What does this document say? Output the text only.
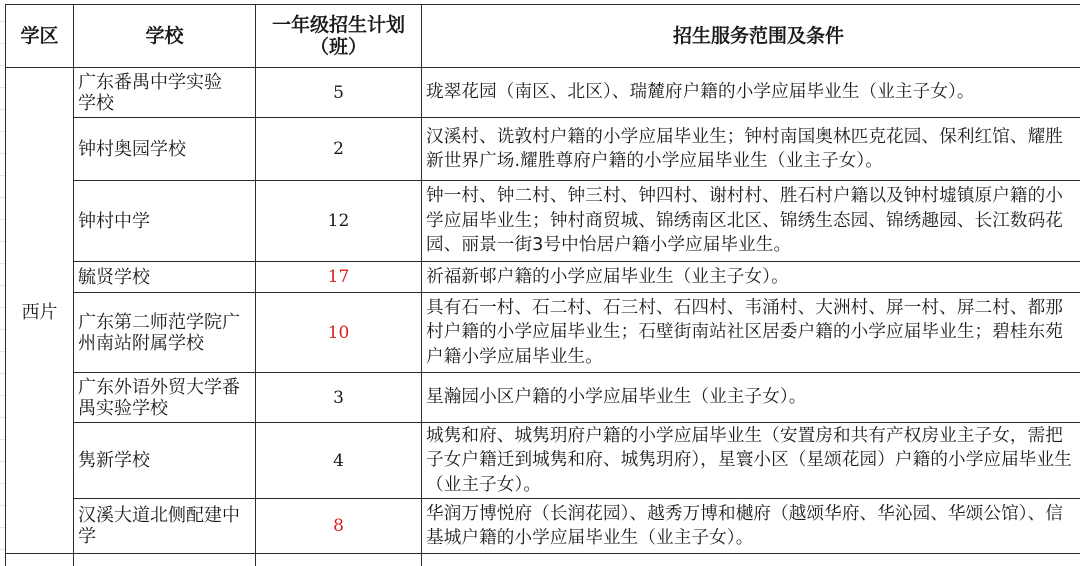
学区	学校	一年级招生计划（班）	招生服务范围及条件
西片	广东番禺中学实验学校	5	珑翠花园（南区、北区）、瑞麓府户籍的小学应届毕业生（业主子女）。
	钟村奥园学校	2	汉溪村、诜敦村户籍的小学应届毕业生；钟村南国奥林匹克花园、保利红馆、耀胜新世界广场.耀胜尊府户籍的小学应届毕业生（业主子女）。
	钟村中学	12	钟一村、钟二村、钟三村、钟四村、谢村村、胜石村户籍以及钟村墟镇原户籍的小学应届毕业生；钟村商贸城、锦绣南区北区、锦绣生态园、锦绣趣园、长江数码花园、丽景一街3号中怡居户籍小学应届毕业生。
	毓贤学校	17	祈福新邨户籍的小学应届毕业生（业主子女）。
	广东第二师范学院广州南站附属学校	10	具有石一村、石二村、石三村、石四村、韦涌村、大洲村、屏一村、屏二村、都那村户籍的小学应届毕业生；石壁街南站社区居委户籍的小学应届毕业生；碧桂东苑户籍小学应届毕业生。
	广东外语外贸大学番禺实验学校	3	星瀚园小区户籍的小学应届毕业生（业主子女）。
	隽新学校	4	城隽和府、城隽玥府户籍的小学应届毕业生（安置房和共有产权房业主子女，需把子女户籍迁到城隽和府、城隽玥府），星寰小区（星颂花园）户籍的小学应届毕业生（业主子女）。
	汉溪大道北侧配建中学	8	华润万博悦府（长润花园）、越秀万博和樾府（越颂华府、华沁园、华颂公馆）、信基城户籍的小学应届毕业生（业主子女）。
